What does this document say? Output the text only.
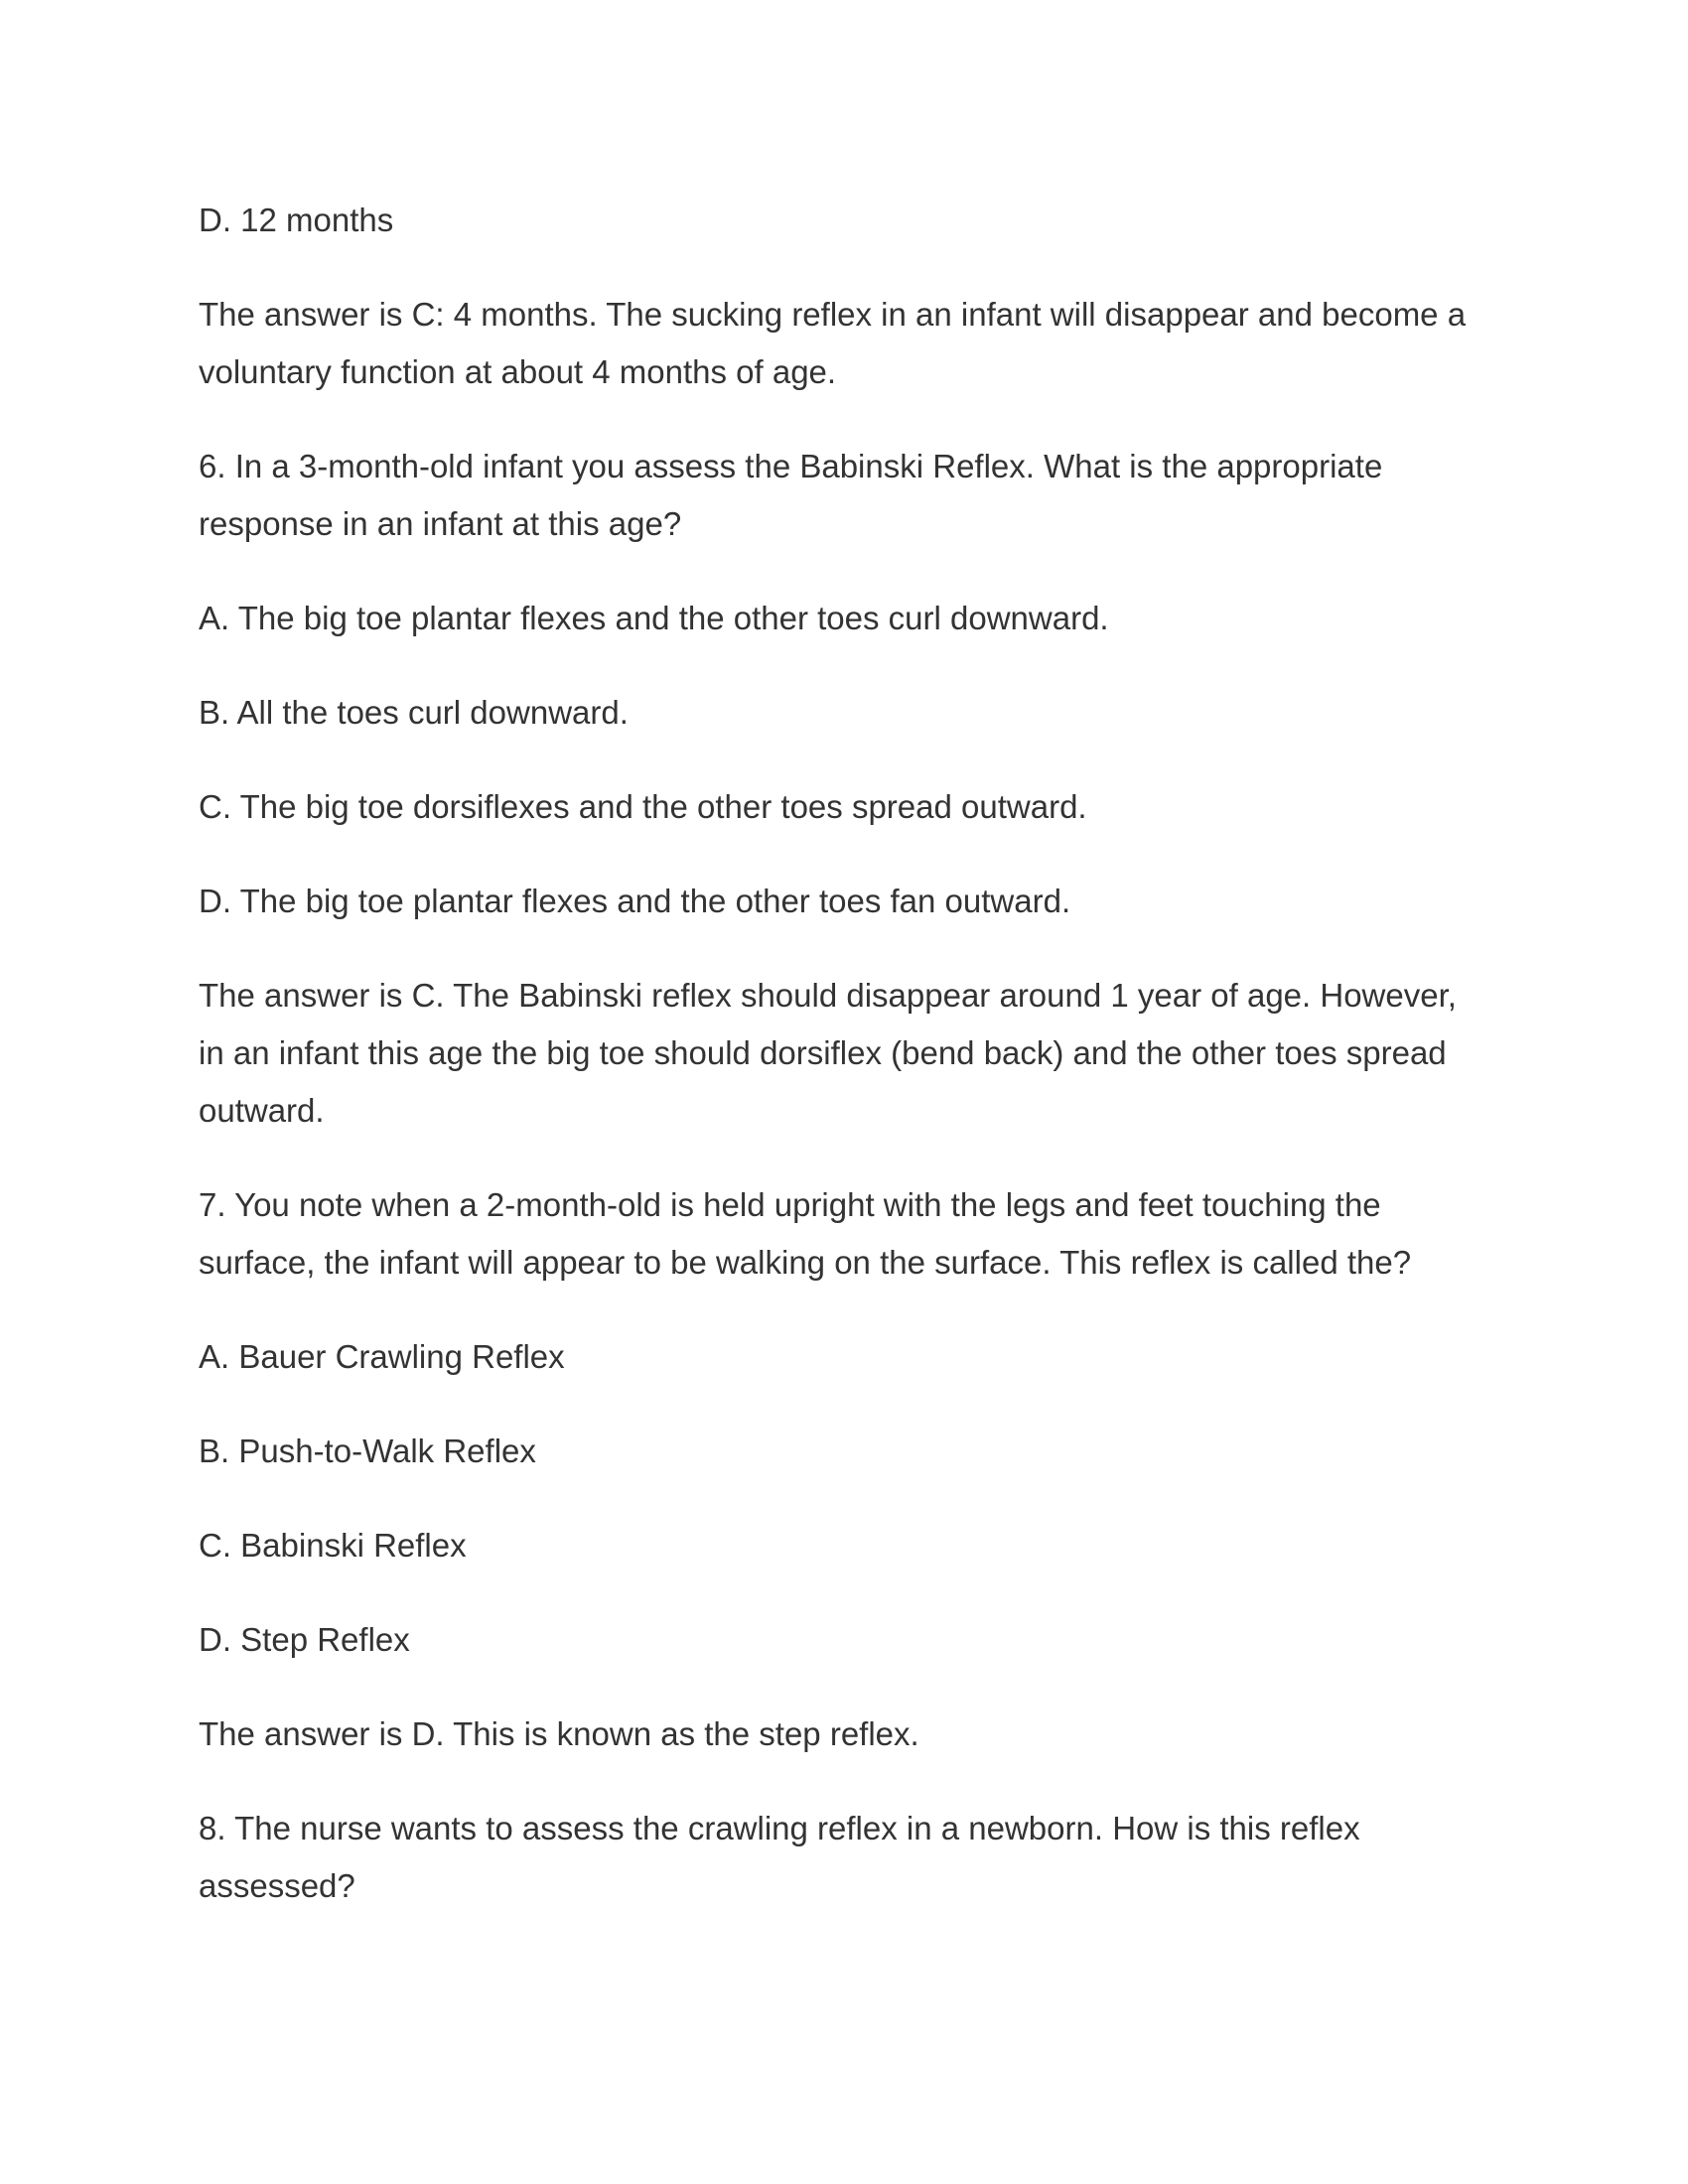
D. 12 months

The answer is C: 4 months. The sucking reflex in an infant will disappear and become a voluntary function at about 4 months of age.

6. In a 3-month-old infant you assess the Babinski Reflex. What is the appropriate response in an infant at this age?

A. The big toe plantar flexes and the other toes curl downward.

B. All the toes curl downward.

C. The big toe dorsiflexes and the other toes spread outward.

D. The big toe plantar flexes and the other toes fan outward.

The answer is C. The Babinski reflex should disappear around 1 year of age. However, in an infant this age the big toe should dorsiflex (bend back) and the other toes spread outward.

7. You note when a 2-month-old is held upright with the legs and feet touching the surface, the infant will appear to be walking on the surface. This reflex is called the?

A. Bauer Crawling Reflex

B. Push-to-Walk Reflex

C. Babinski Reflex

D. Step Reflex

The answer is D. This is known as the step reflex.

8. The nurse wants to assess the crawling reflex in a newborn. How is this reflex assessed?
